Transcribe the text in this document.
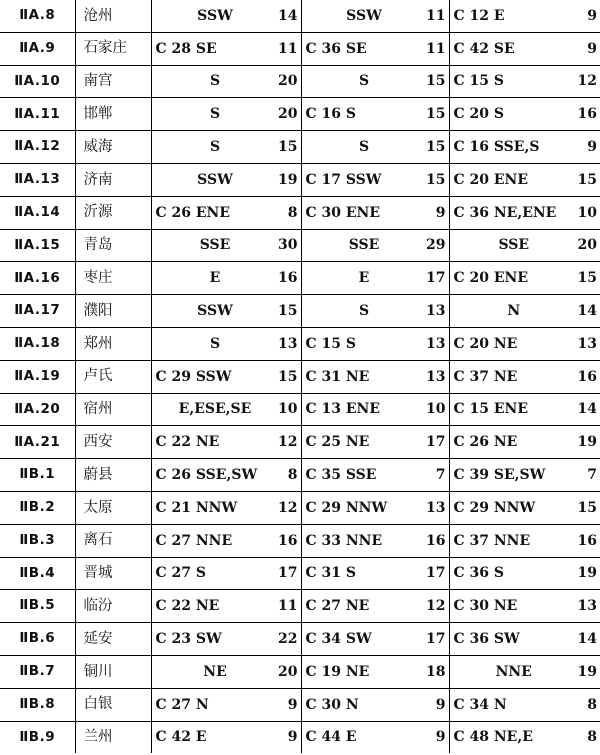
ⅡA.8	沧州	SSW 14	SSW 11	C 12 E 9

ⅡA.9	石家庄	C 28 SE 11	C 36 SE 11	C 42 SE 9

ⅡA.10	南宫	S 20	S 15	C 15 S 12

ⅡA.11	邯郸	S 20	C 16 S 15	C 20 S 16

ⅡA.12	威海	S 15	S 15	C 16 SSE,S 9

ⅡA.13	济南	SSW 19	C 17 SSW 15	C 20 ENE 15

ⅡA.14	沂源	C 26 ENE 8	C 30 ENE 9	C 36 NE,ENE 10

ⅡA.15	青岛	SSE 30	SSE 29	SSE 20

ⅡA.16	枣庄	E 16	E 17	C 20 ENE 15

ⅡA.17	濮阳	SSW 15	S 13	N 14

ⅡA.18	郑州	S 13	C 15 S 13	C 20 NE 13

ⅡA.19	卢氏	C 29 SSW 15	C 31 NE 13	C 37 NE 16

ⅡA.20	宿州	E,ESE,SE 10	C 13 ENE 10	C 15 ENE 14

ⅡA.21	西安	C 22 NE 12	C 25 NE 17	C 26 NE 19

ⅡB.1	蔚县	C 26 SSE,SW 8	C 35 SSE 7	C 39 SE,SW 7

ⅡB.2	太原	C 21 NNW 12	C 29 NNW 13	C 29 NNW 15

ⅡB.3	离石	C 27 NNE 16	C 33 NNE 16	C 37 NNE 16

ⅡB.4	晋城	C 27 S 17	C 31 S 17	C 36 S 19

ⅡB.5	临汾	C 22 NE 11	C 27 NE 12	C 30 NE 13

ⅡB.6	延安	C 23 SW 22	C 34 SW 17	C 36 SW 14

ⅡB.7	铜川	NE 20	C 19 NE 18	NNE 19

ⅡB.8	白银	C 27 N 9	C 30 N 9	C 34 N 8

ⅡB.9	兰州	C 42 E 9	C 44 E 9	C 48 NE,E 8
